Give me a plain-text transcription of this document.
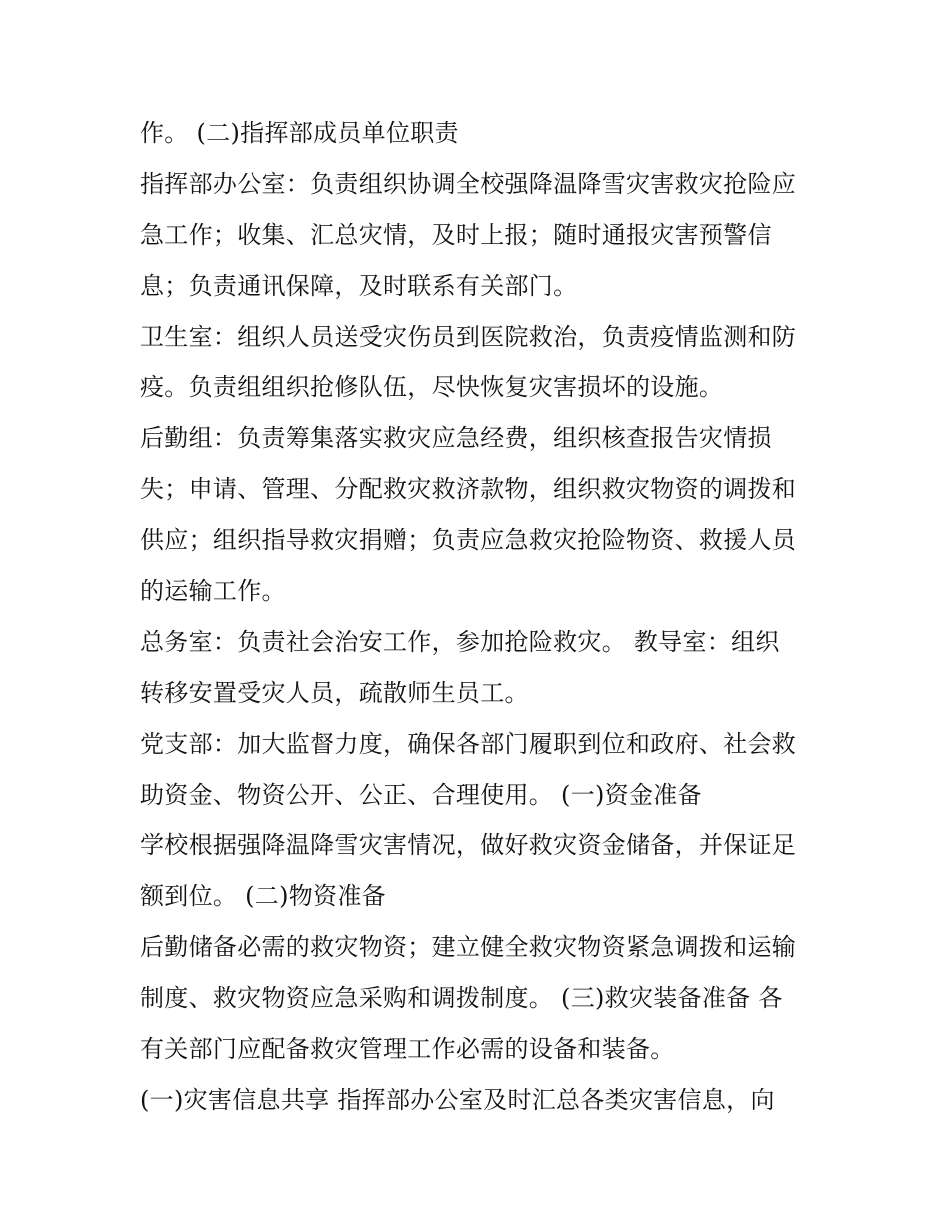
作。 (二)指挥部成员单位职责
指挥部办公室：负责组织协调全校强降温降雪灾害救灾抢险应
急工作；收集、汇总灾情，及时上报；随时通报灾害预警信
息；负责通讯保障，及时联系有关部门。
卫生室：组织人员送受灾伤员到医院救治，负责疫情监测和防
疫。负责组组织抢修队伍，尽快恢复灾害损坏的设施。
后勤组：负责筹集落实救灾应急经费，组织核查报告灾情损
失；申请、管理、分配救灾救济款物，组织救灾物资的调拨和
供应；组织指导救灾捐赠；负责应急救灾抢险物资、救援人员
的运输工作。
总务室：负责社会治安工作，参加抢险救灾。 教导室：组织
转移安置受灾人员，疏散师生员工。
党支部：加大监督力度，确保各部门履职到位和政府、社会救
助资金、物资公开、公正、合理使用。 (一)资金准备
学校根据强降温降雪灾害情况，做好救灾资金储备，并保证足
额到位。 (二)物资准备
后勤储备必需的救灾物资；建立健全救灾物资紧急调拨和运输
制度、救灾物资应急采购和调拨制度。 (三)救灾装备准备 各
有关部门应配备救灾管理工作必需的设备和装备。
(一)灾害信息共享 指挥部办公室及时汇总各类灾害信息，向
